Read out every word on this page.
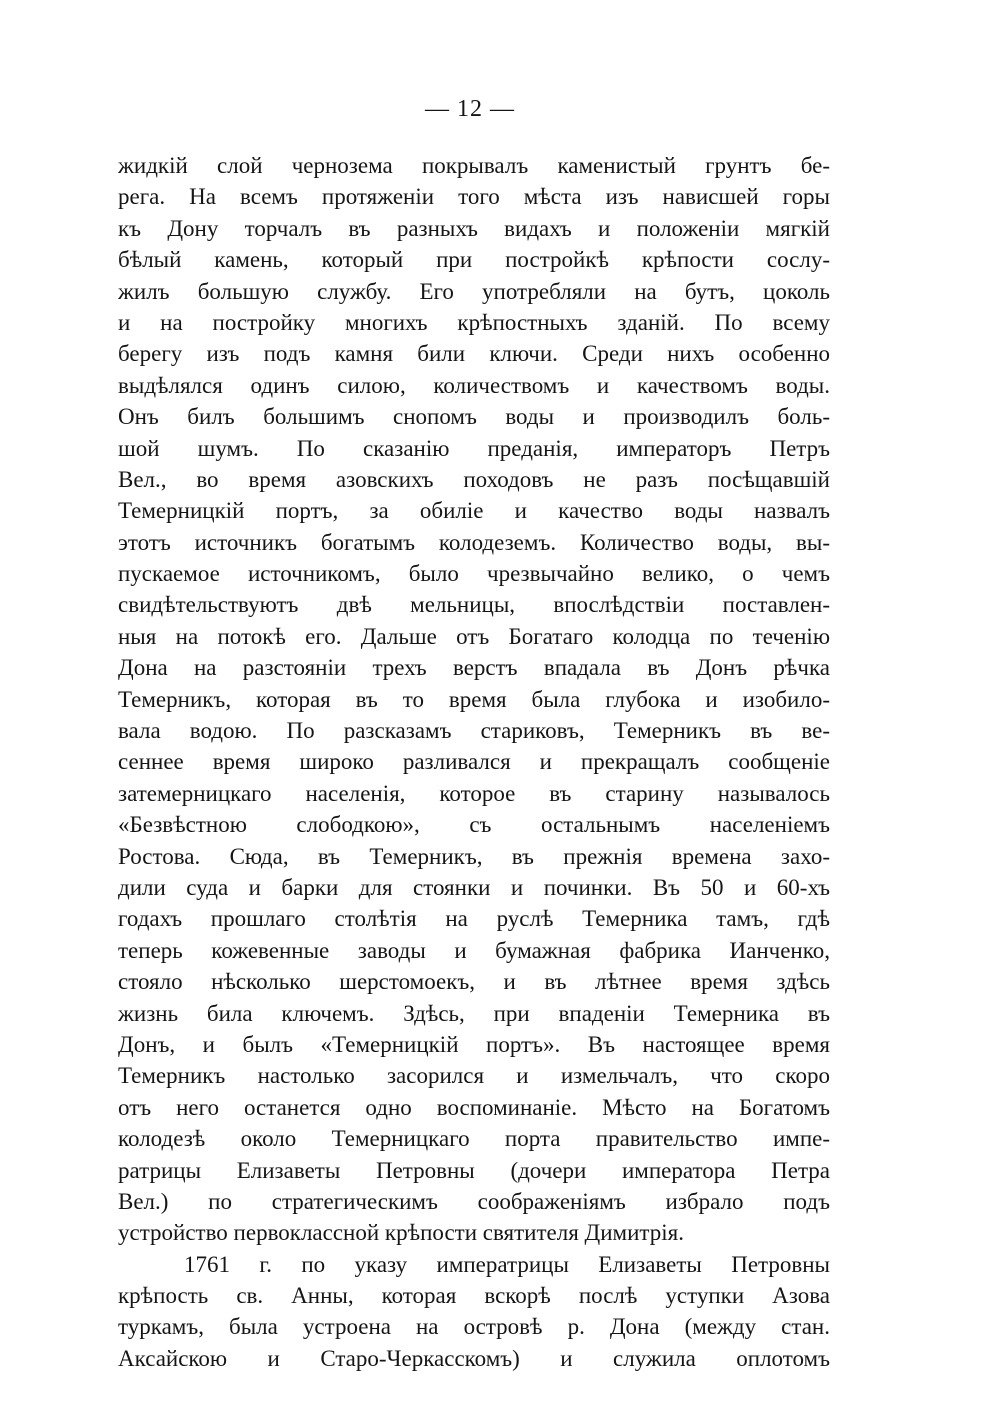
— 12 —
жидкій слой чернозема покрывалъ каменистый грунтъ бе-
рега. На всемъ протяженіи того мѣста изъ нависшей горы
къ Дону торчалъ въ разныхъ видахъ и положеніи мягкій
бѣлый камень, который при постройкѣ крѣпости сослу-
жилъ большую службу. Его употребляли на бутъ, цоколь
и на постройку многихъ крѣпостныхъ зданій. По всему
берегу изъ подъ камня били ключи. Среди нихъ особенно
выдѣлялся одинъ силою, количествомъ и качествомъ воды.
Онъ билъ большимъ снопомъ воды и производилъ боль-
шой шумъ. По сказанію преданія, императоръ Петръ
Вел., во время азовскихъ походовъ не разъ посѣщавшій
Темерницкій портъ, за обиліе и качество воды назвалъ
этотъ источникъ богатымъ колодеземъ. Количество воды, вы-
пускаемое источникомъ, было чрезвычайно велико, о чемъ
свидѣтельствуютъ двѣ мельницы, впослѣдствіи поставлен-
ныя на потокѣ его. Дальше отъ Богатаго колодца по теченію
Дона на разстояніи трехъ верстъ впадала въ Донъ рѣчка
Темерникъ, которая въ то время была глубока и изобило-
вала водою. По разсказамъ стариковъ, Темерникъ въ ве-
сеннее время широко разливался и прекращалъ сообщеніе
затемерницкаго населенія, которое въ старину называлось
«Безвѣстною слободкою», съ остальнымъ населеніемъ
Ростова. Сюда, въ Темерникъ, въ прежнія времена захо-
дили суда и барки для стоянки и починки. Въ 50 и 60-хъ
годахъ прошлаго столѣтія на руслѣ Темерника тамъ, гдѣ
теперь кожевенные заводы и бумажная фабрика Ианченко,
стояло нѣсколько шерстомоекъ, и въ лѣтнее время здѣсь
жизнь била ключемъ. Здѣсь, при впаденіи Темерника въ
Донъ, и былъ «Темерницкій портъ». Въ настоящее время
Темерникъ настолько засорился и измельчалъ, что скоро
отъ него останется одно воспоминаніе. Мѣсто на Богатомъ
колодезѣ около Темерницкаго порта правительство импе-
ратрицы Елизаветы Петровны (дочери императора Петра
Вел.) по стратегическимъ соображеніямъ избрало подъ
устройство первоклассной крѣпости святителя Димитрія.
1761 г. по указу императрицы Елизаветы Петровны
крѣпость св. Анны, которая вскорѣ послѣ уступки Азова
туркамъ, была устроена на островѣ р. Дона (между стан.
Аксайскою и Старо-Черкасскомъ) и служила оплотомъ
